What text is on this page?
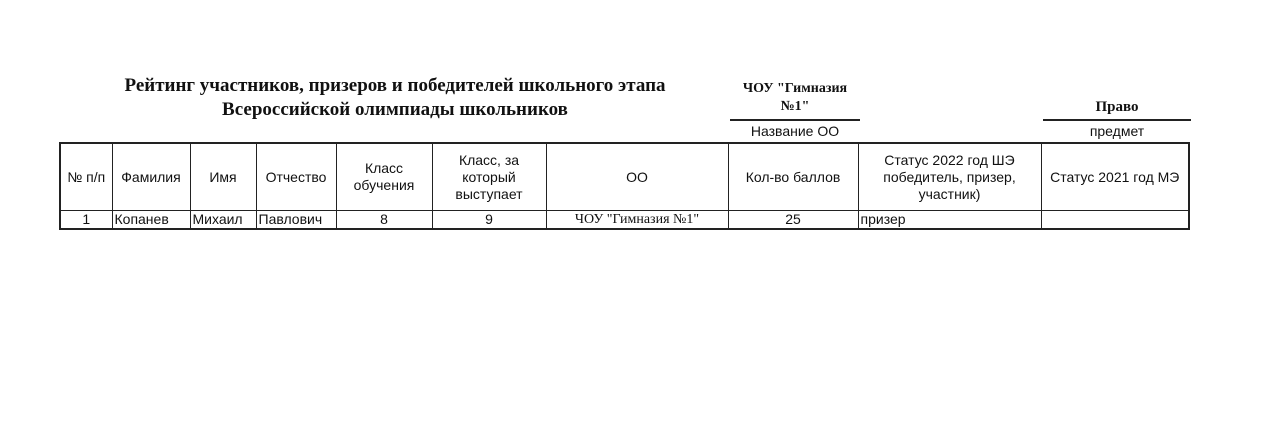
Рейтинг участников, призеров и победителей школьного этапа
Всероссийской олимпиады школьников
ЧОУ "Гимназия
№1"
Название ОО
Право
предмет
№ п/п	Фамилия	Имя	Отчество	Класс обучения	Класс, за который выступает	ОО	Кол-во баллов	Статус 2022 год ШЭ победитель, призер, участник)	Статус 2021 год МЭ
1	Копанев	Михаил	Павлович	8	9	ЧОУ "Гимназия №1"	25	призер	
